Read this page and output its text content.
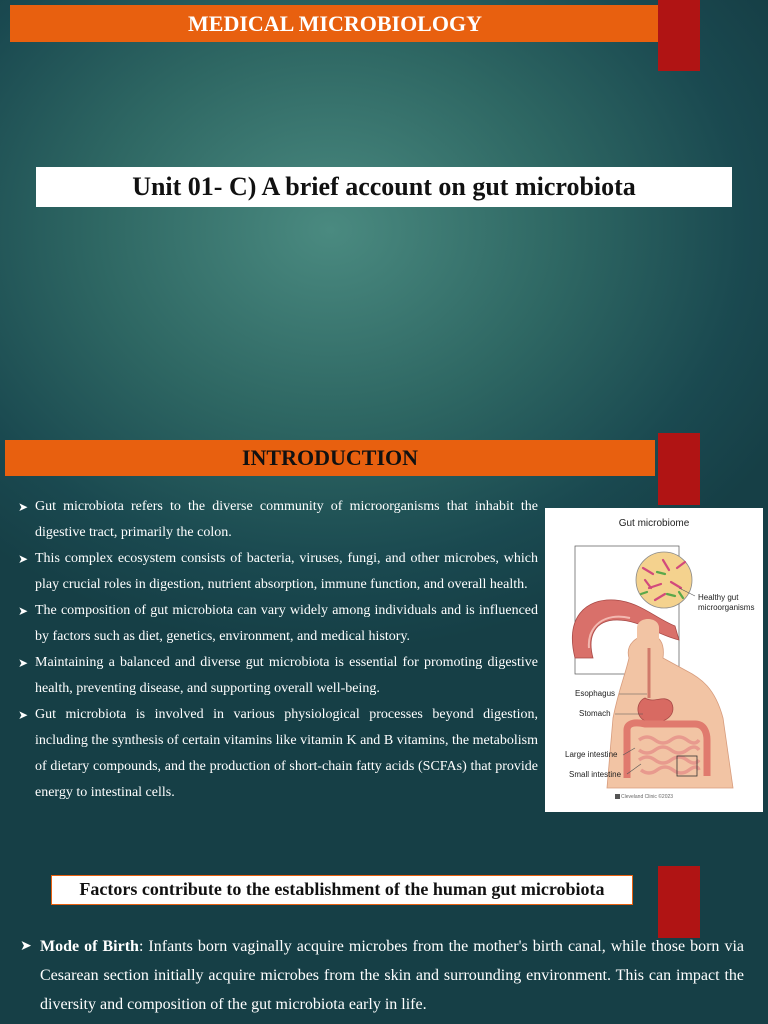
MEDICAL MICROBIOLOGY
Unit 01- C) A brief account on gut microbiota
INTRODUCTION
➤ Gut microbiota refers to the diverse community of microorganisms that inhabit the digestive tract, primarily the colon.
➤ This complex ecosystem consists of bacteria, viruses, fungi, and other microbes, which play crucial roles in digestion, nutrient absorption, immune function, and overall health.
➤ The composition of gut microbiota can vary widely among individuals and is influenced by factors such as diet, genetics, environment, and medical history.
➤ Maintaining a balanced and diverse gut microbiota is essential for promoting digestive health, preventing disease, and supporting overall well-being.
➤ Gut microbiota is involved in various physiological processes beyond digestion, including the synthesis of certain vitamins like vitamin K and B vitamins, the metabolism of dietary compounds, and the production of short-chain fatty acids (SCFAs) that provide energy to intestinal cells.
Gut microbiome
Healthy gut microorganisms
Esophagus
Stomach
Large intestine
Small intestine
Cleveland Clinic ©2023
Factors contribute to the establishment of the human gut microbiota
➤ Mode of Birth: Infants born vaginally acquire microbes from the mother's birth canal, while those born via Cesarean section initially acquire microbes from the skin and surrounding environment. This can impact the diversity and composition of the gut microbiota early in life.
